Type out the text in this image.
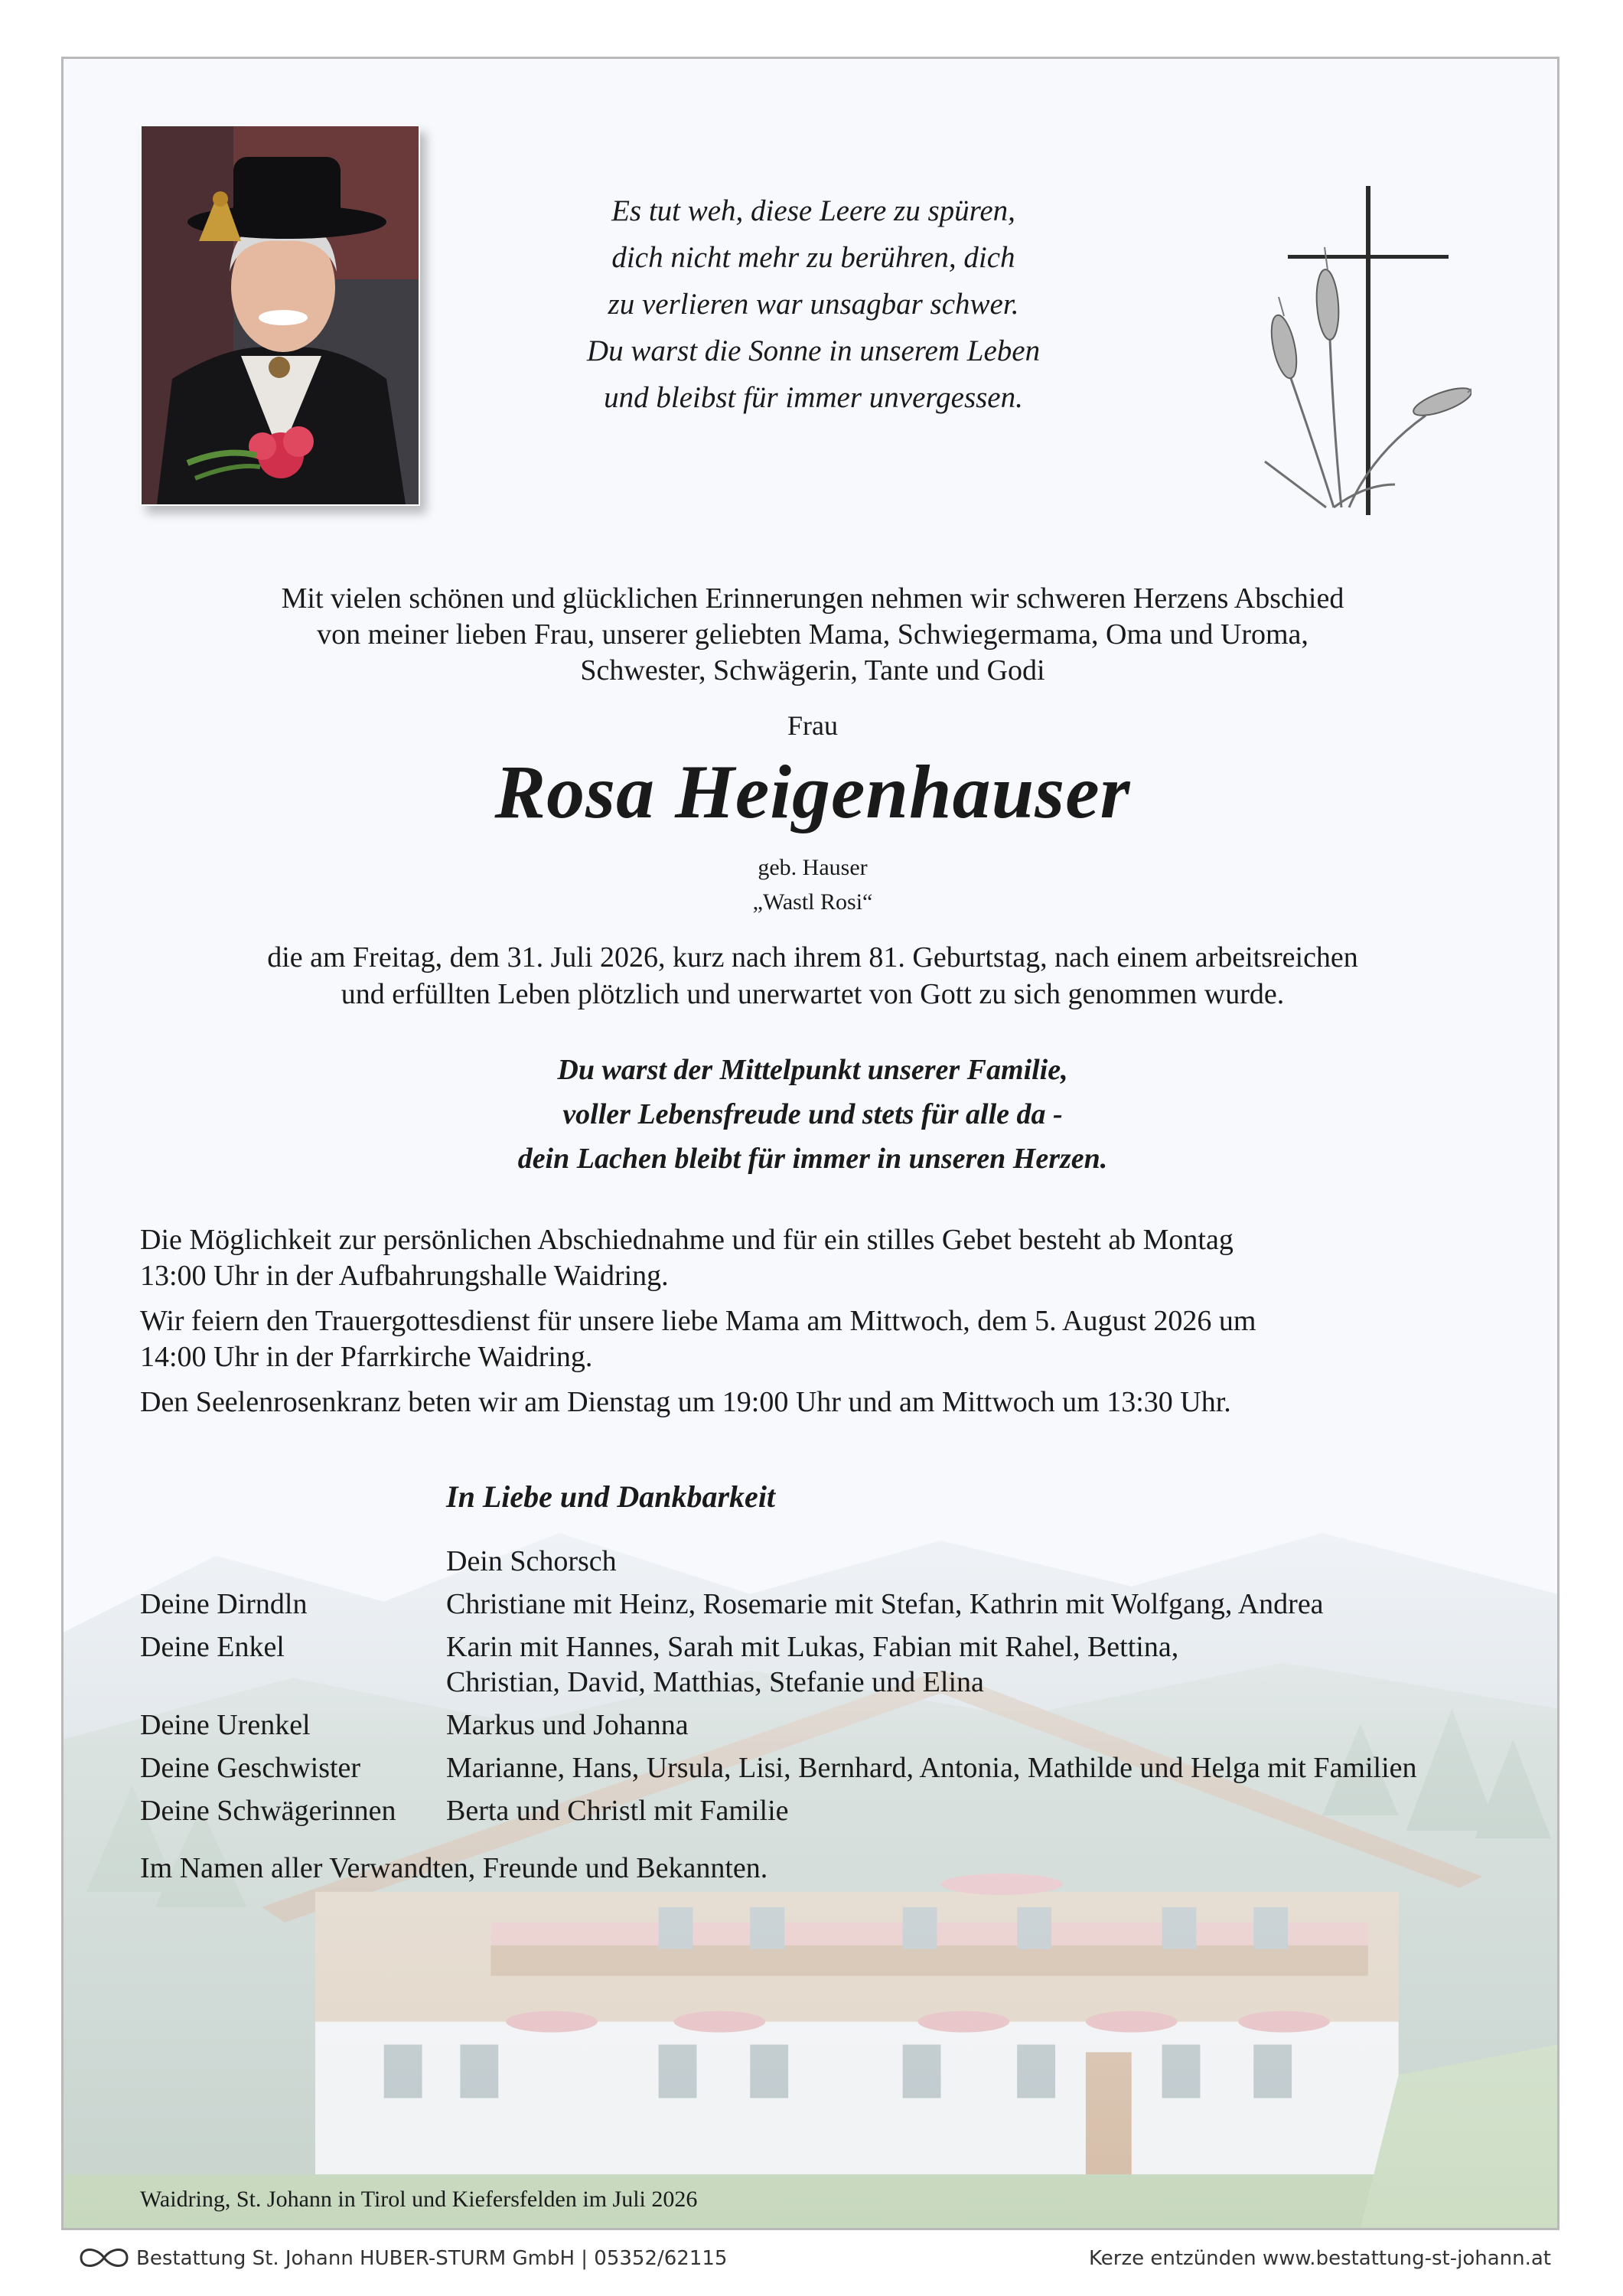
Es tut weh, diese Leere zu spüren,
dich nicht mehr zu berühren, dich
zu verlieren war unsagbar schwer.
Du warst die Sonne in unserem Leben
und bleibst für immer unvergessen.
Mit vielen schönen und glücklichen Erinnerungen nehmen wir schweren Herzens Abschied
von meiner lieben Frau, unserer geliebten Mama, Schwiegermama, Oma und Uroma,
Schwester, Schwägerin, Tante und Godi
Frau
Rosa Heigenhauser
geb. Hauser
„Wastl Rosi“
die am Freitag, dem 31. Juli 2026, kurz nach ihrem 81. Geburtstag, nach einem arbeitsreichen
und erfüllten Leben plötzlich und unerwartet von Gott zu sich genommen wurde.
Du warst der Mittelpunkt unserer Familie,
voller Lebensfreude und stets für alle da -
dein Lachen bleibt für immer in unseren Herzen.

Die Möglichkeit zur persönlichen Abschiednahme und für ein stilles Gebet besteht ab Montag
13:00 Uhr in der Aufbahrungshalle Waidring.

Wir feiern den Trauergottesdienst für unsere liebe Mama am Mittwoch, dem 5. August 2026 um
14:00 Uhr in der Pfarrkirche Waidring.

Den Seelenrosenkranz beten wir am Dienstag um 19:00 Uhr und am Mittwoch um 13:30 Uhr.

In Liebe und Dankbarkeit
Dein Schorsch
Deine Dirndln	Christiane mit Heinz, Rosemarie mit Stefan, Kathrin mit Wolfgang, Andrea
Deine Enkel	Karin mit Hannes, Sarah mit Lukas, Fabian mit Rahel, Bettina,
Christian, David, Matthias, Stefanie und Elina
Deine Urenkel	Markus und Johanna
Deine Geschwister	Marianne, Hans, Ursula, Lisi, Bernhard, Antonia, Mathilde und Helga mit Familien
Deine Schwägerinnen	Berta und Christl mit Familie
Im Namen aller Verwandten, Freunde und Bekannten.
Waidring, St. Johann in Tirol und Kiefersfelden im Juli 2026
Bestattung St. Johann HUBER-STURM GmbH | 05352/62115	Kerze entzünden www.bestattung-st-johann.at
